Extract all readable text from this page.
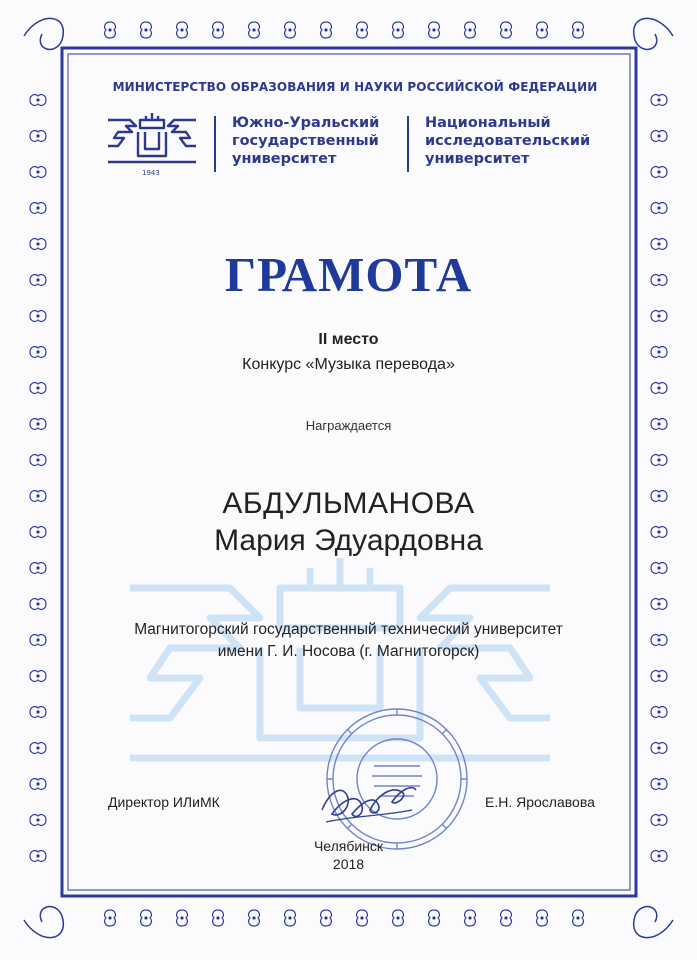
МИНИСТЕРСТВО ОБРАЗОВАНИЯ И НАУКИ РОССИЙСКОЙ ФЕДЕРАЦИИ
1943
Южно-Уральский
государственный
университет
Национальный
исследовательский
университет
ГРАМОТА
II место
Конкурс «Музыка перевода»
Награждается
АБДУЛЬМАНОВА
Мария Эдуардовна
Магнитогорский государственный технический университет
имени Г. И. Носова (г. Магнитогорск)
Директор ИЛиМК	Е.Н. Ярославова
Челябинск
2018
